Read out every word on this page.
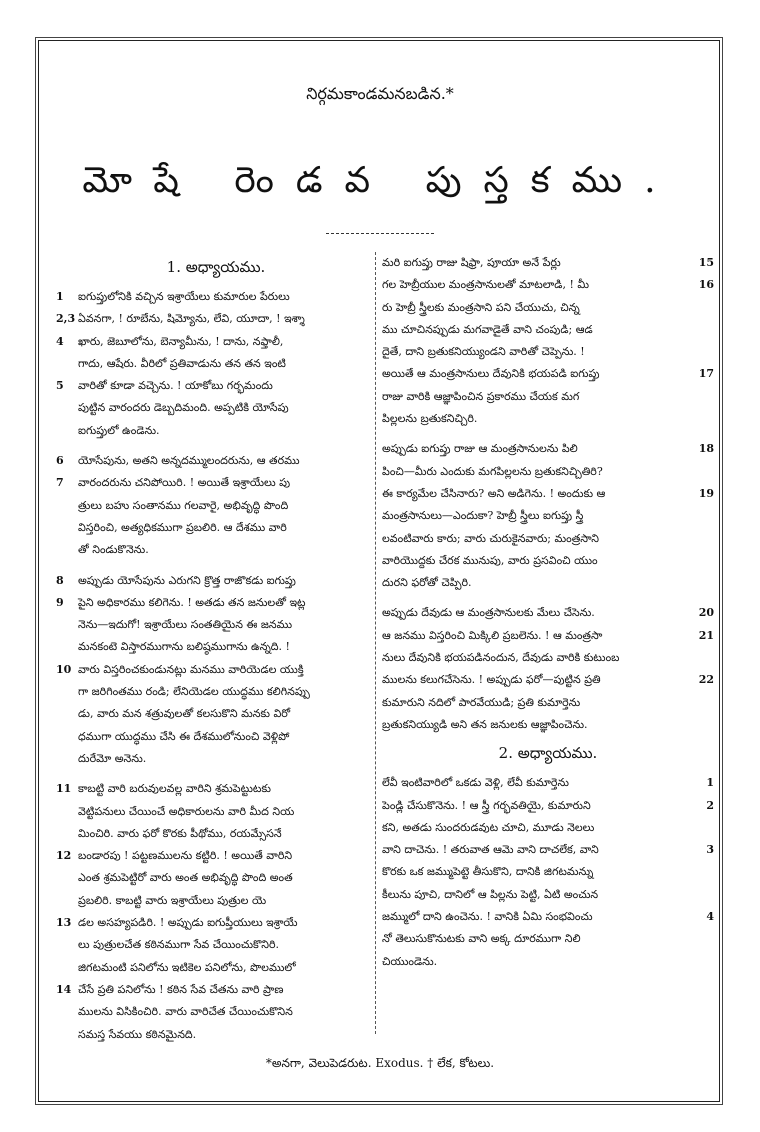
నిర్గమకాండమనబడిన.*
మోషే రెండవ పుస్తకము.
1. అధ్యాయము.
1 ఐగుప్తులోనికి వచ్చిన ఇశ్రాయేలు కుమారుల పేరులు
2,3 ఏవనగా, ! రూబేను, షిమ్యోను, లేవి, యూదా, ! ఇశ్శా
4 ఖారు, జెబూలోను, బెన్యామీను, ! దాను, నఫ్తాలీ,
గాదు, ఆషేరు. వీరిలో ప్రతివాడును తన తన ఇంటి
5 వారితో కూడా వచ్చెను. ! యాకోబు గర్భమందు
పుట్టిన వారందరు డెబ్బదిమంది. అప్పటికి యోసేపు
ఐగుప్తులో ఉండెను.
6 యోసేపును, అతని అన్నదమ్ములందరును, ఆ తరము
7 వారందరును చనిపోయిరి. ! అయితే ఇశ్రాయేలు పు
త్రులు బహు సంతానము గలవారై, అభివృద్ధి పొంది
విస్తరించి, అత్యధికముగా ప్రబలిరి. ఆ దేశము వారి
తో నిండుకొనెను.
8 అప్పుడు యోసేపును ఎరుగని క్రొత్త రాజొకడు ఐగుప్తు
9 పైని అధికారము కలిగెను. ! అతడు తన జనులతో ఇట్ల
నెను—ఇదుగో! ఇశ్రాయేలు సంతతియైన ఈ జనము
మనకంటె విస్తారముగాను బలిష్ఠముగాను ఉన్నది. !
10 వారు విస్తరించకుండునట్లు మనము వారియెడల యుక్తి
గా జరిగింతము రండి; లేనియెడల యుద్ధము కలిగినప్పు
డు, వారు మన శత్రువులతో కలసుకొని మనకు విరో
ధముగా యుద్ధము చేసి ఈ దేశములోనుంచి వెళ్లిపో
దురేమో అనెను.
11 కాబట్టి వారి బరువులవల్ల వారిని శ్రమపెట్టుటకు
వెట్టిపనులు చేయించే అధికారులను వారి మీద నియ
మించిరి. వారు ఫరో కొరకు పీథోము, రయమ్సేసనే
12 బండారపు ! పట్టణములను కట్టిరి. ! అయితే వారిని
ఎంత శ్రమపెట్టిరో వారు అంత అభివృద్ధి పొంది అంత
ప్రబలిరి. కాబట్టి వారు ఇశ్రాయేలు పుత్రుల యె
13 డల అసహ్యపడిరి. ! అప్పుడు ఐగుప్తీయులు ఇశ్రాయే
లు పుత్రులచేత కఠినముగా సేవ చేయించుకొనిరి.
జిగటమంటి పనిలోను ఇటికెల పనిలోను, పొలములో
14 చేసే ప్రతి పనిలోను ! కఠిన సేవ చేతను వారి ప్రాణ
ములను విసికించిరి. వారు వారిచేత చేయించుకొనిన
సమస్త సేవయు కఠినమైనది.
మరి ఐగుప్తు రాజు షిఫ్రా, పూయా అనే పేర్లు	15
గల హెబ్రీయుల మంత్రసానులతో మాటలాడి, ! మీ	16
రు హెబ్రీ స్త్రీలకు మంత్రసాని పని చేయుచు, చిన్న
ము చూచినప్పుడు మగవాడైతే వాని చంపుడి; ఆడ
దైతే, దాని బ్రతుకనియ్యుండని వారితో చెప్పెను. !
అయితే ఆ మంత్రసానులు దేవునికి భయపడి ఐగుప్తు	17
రాజు వారికి ఆజ్ఞాపించిన ప్రకారము చేయక మగ
పిల్లలను బ్రతుకనిచ్చిరి.
అప్పుడు ఐగుప్తు రాజు ఆ మంత్రసానులను పిలి	18
పించి—మీరు ఎందుకు మగపిల్లలను బ్రతుకనిచ్చితిరి?
ఈ కార్యమేల చేసినారు? అని అడిగెను. ! అందుకు ఆ	19
మంత్రసానులు—ఎందుకా? హెబ్రీ స్త్రీలు ఐగుప్తు స్త్రీ
లవంటివారు కారు; వారు చురుకైనవారు; మంత్రసాని
వారియొద్దకు చేరక మునుపు, వారు ప్రసవించి యుం
దురని ఫరోతో చెప్పిరి.
అప్పుడు దేవుడు ఆ మంత్రసానులకు మేలు చేసెను.	20
ఆ జనము విస్తరించి మిక్కిలి ప్రబలెను. ! ఆ మంత్రసా	21
నులు దేవునికి భయపడినందున, దేవుడు వారికి కుటుంబ
ములను కలుగచేసెను. ! అప్పుడు ఫరో—పుట్టిన ప్రతి	22
కుమారుని నదిలో పారవేయుడి; ప్రతి కుమార్తెను
బ్రతుకనియ్యుడి అని తన జనులకు ఆజ్ఞాపించెను.
2. అధ్యాయము.
లేవీ ఇంటివారిలో ఒకడు వెళ్లి, లేవీ కుమార్తెను	1
పెండ్లి చేసుకొనెను. ! ఆ స్త్రీ గర్భవతియై, కుమారుని	2
కని, అతడు సుందరుడవుట చూచి, మూడు నెలలు
వాని దాచెను. ! తరువాత ఆమె వాని దాచలేక, వాని	3
కొరకు ఒక జమ్ముపెట్టె తీసుకొని, దానికి జిగటమన్ను
కీలును పూచి, దానిలో ఆ పిల్లను పెట్టి, ఏటి అంచున
జమ్ములో దాని ఉంచెను. ! వానికి ఏమి సంభవించు	4
నో తెలుసుకొనుటకు వాని అక్క దూరముగా నిలి
చియుండెను.
*అనగా, వెలుపెడరుట. Exodus. † లేక, కోటలు.
